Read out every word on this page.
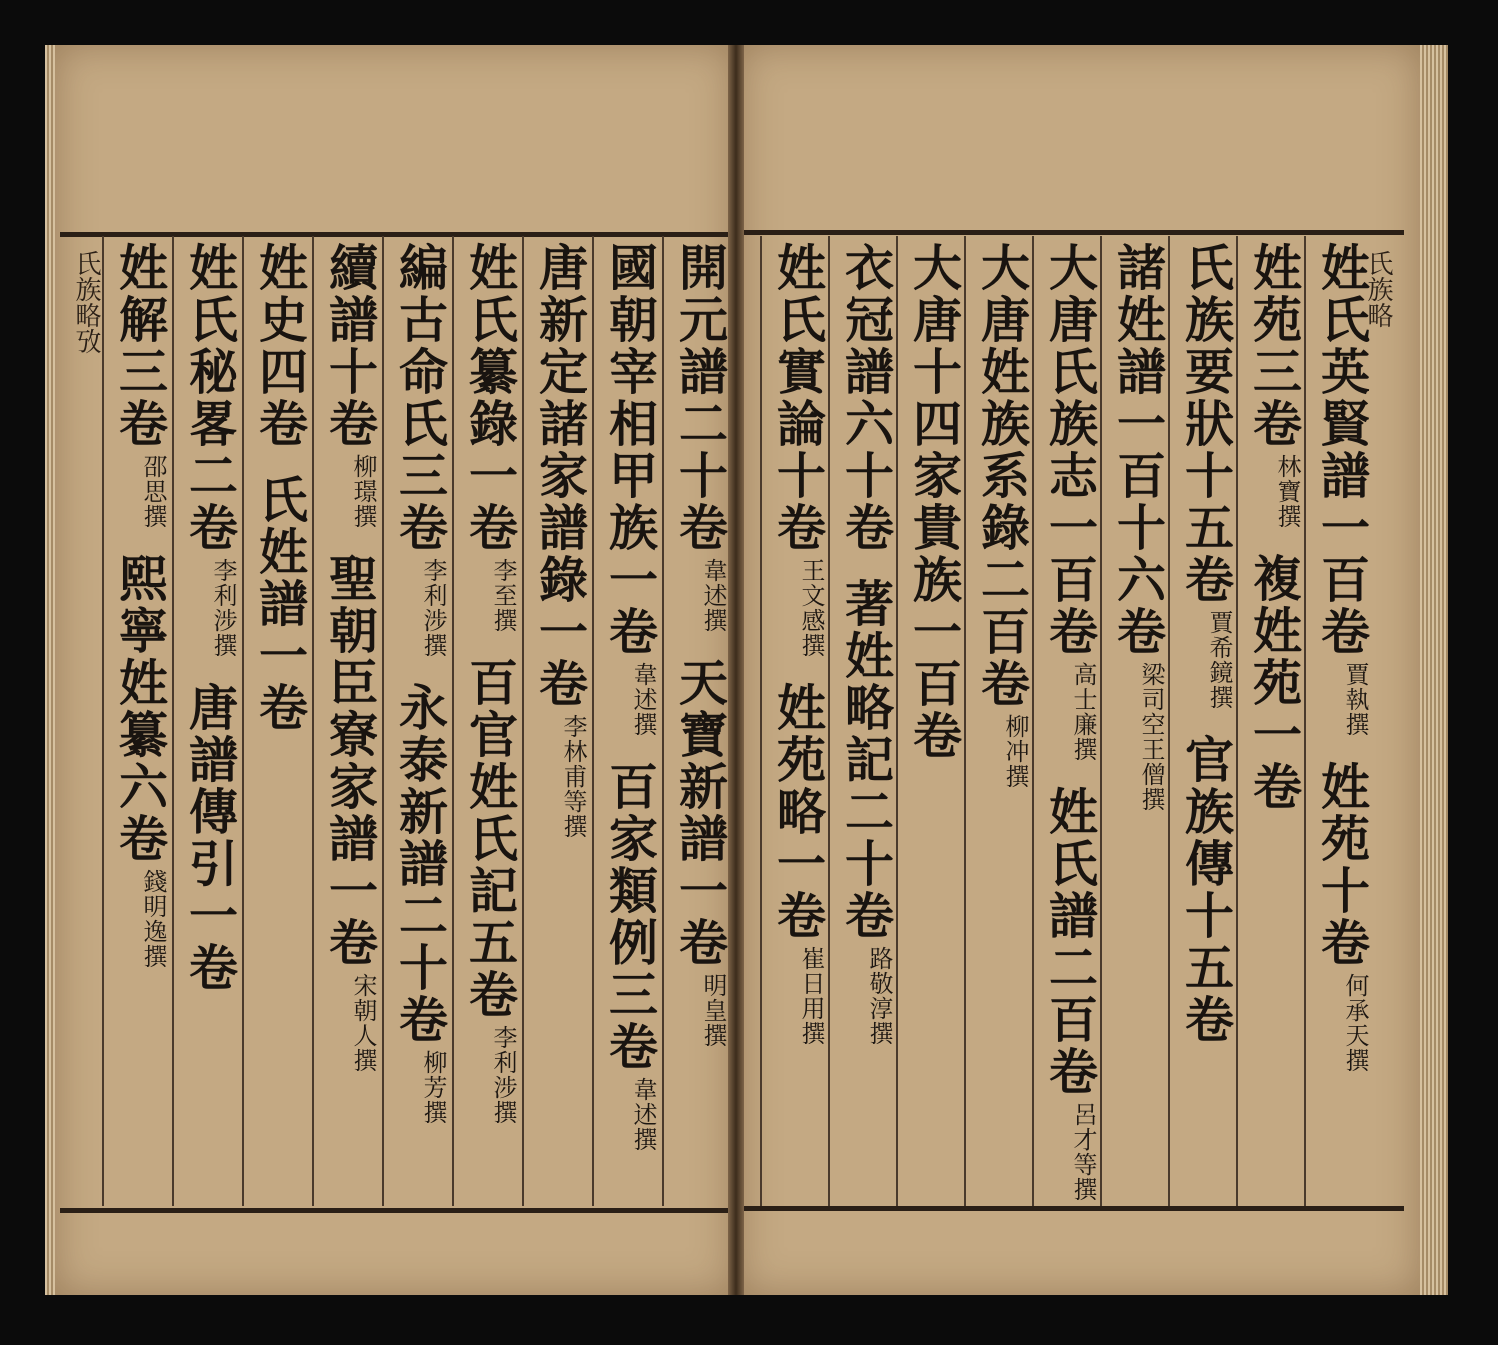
氏族略攷	氏族略
姓氏英賢譜一百卷
賈執撰
姓苑十卷
何承天撰
姓苑三卷
林寶撰
複姓苑一卷
氏族要狀十五卷
賈希鏡撰
官族傳十五卷
諸姓譜一百十六卷
梁司空王僧撰
大唐氏族志一百卷
高士廉撰
姓氏譜二百卷
呂才等撰
大唐姓族系錄二百卷
柳冲撰
大唐十四家貴族一百卷
衣冠譜六十卷
著姓略記二十卷
路敬淳撰
姓氏實論十卷
王文感撰
姓苑略一卷
崔日用撰
開元譜二十卷
韋述撰
天寶新譜一卷
明皇撰
國朝宰相甲族一卷
韋述撰
百家類例三卷
韋述撰
唐新定諸家譜錄一卷
李林甫等撰
姓氏纂錄一卷
李至撰
百官姓氏記五卷
李利涉撰
編古命氏三卷
李利涉撰
永泰新譜二十卷
柳芳撰
續譜十卷
柳璟撰
聖朝臣寮家譜一卷
宋朝人撰
姓史四卷
氏姓譜一卷
姓氏秘畧二卷
李利涉撰
唐譜傳引一卷
姓解三卷
邵思撰
熙寧姓纂六卷
錢明逸撰
